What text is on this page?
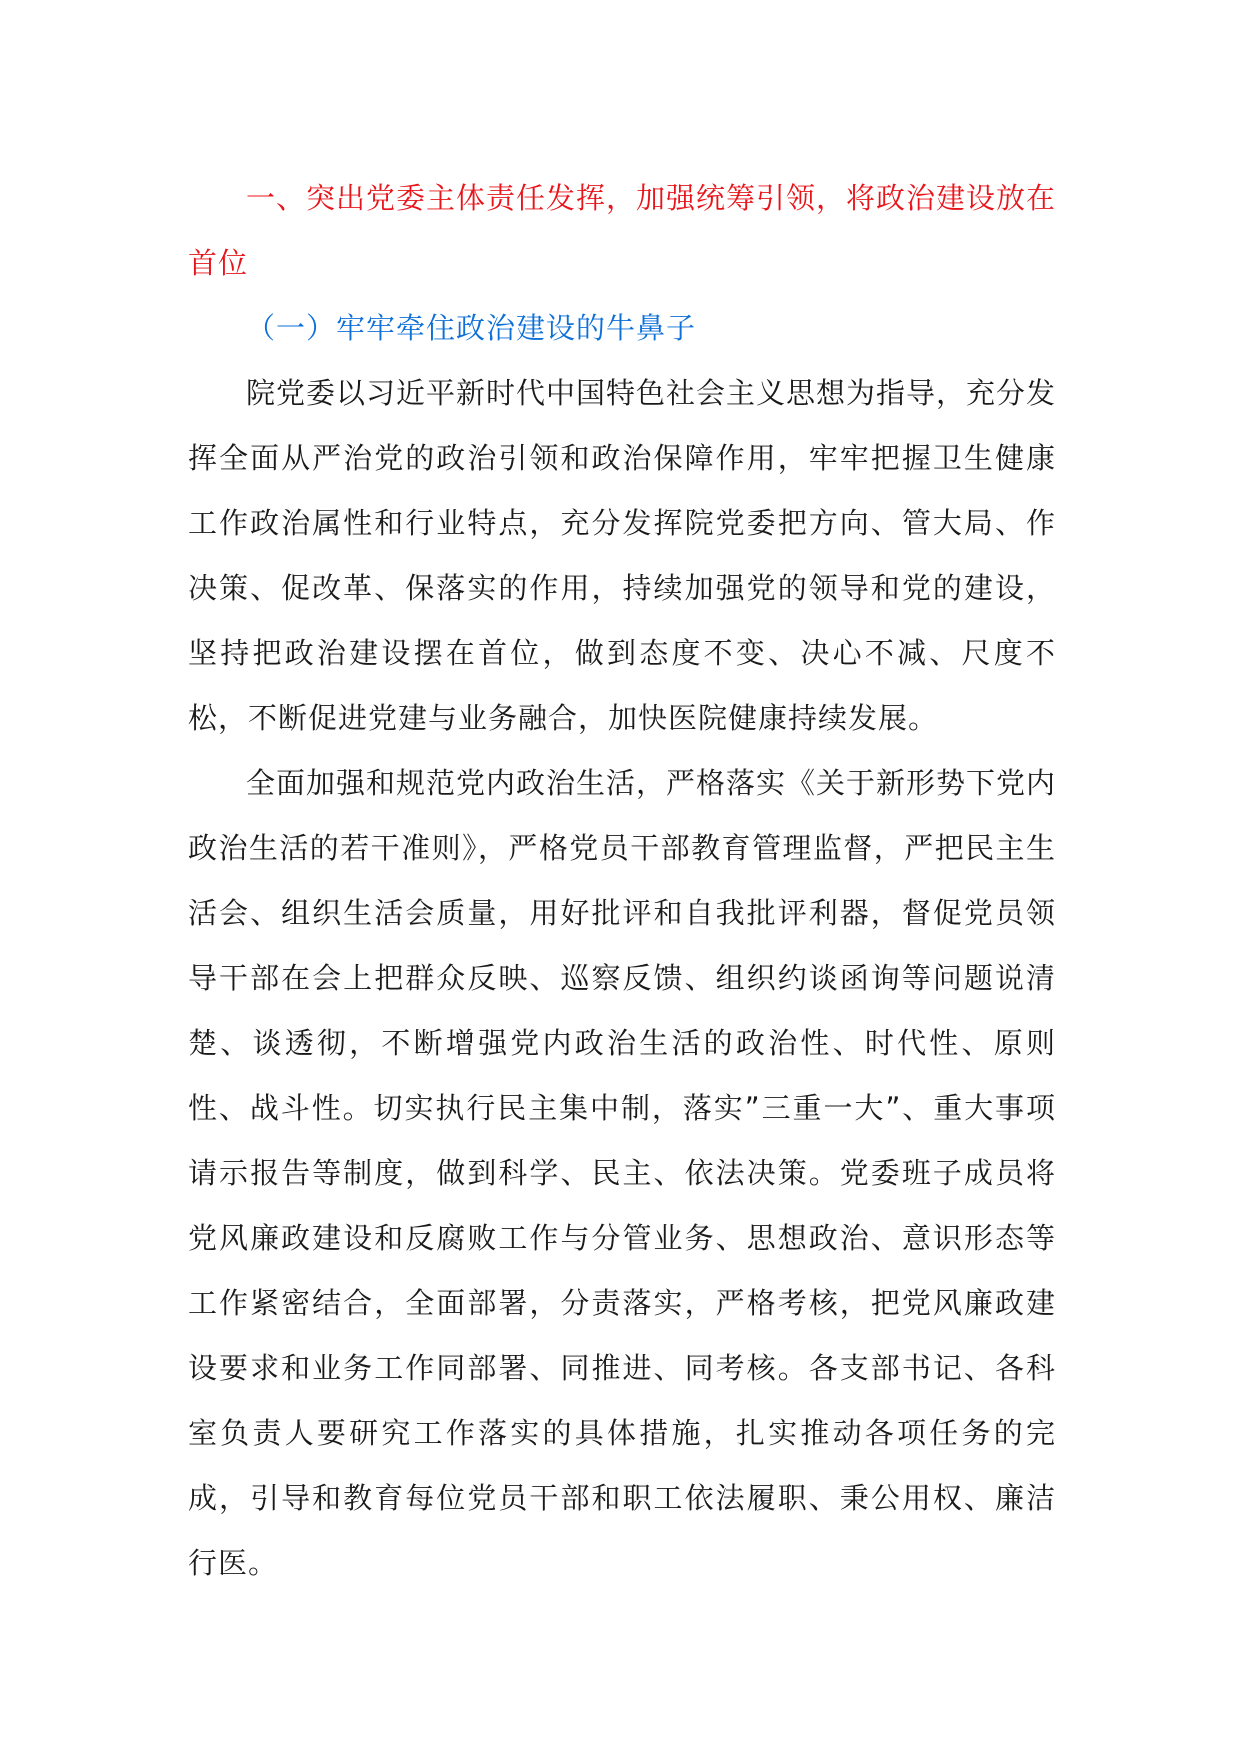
一、突出党委主体责任发挥，加强统筹引领，将政治建设放在首位

（一）牢牢牵住政治建设的牛鼻子

院党委以习近平新时代中国特色社会主义思想为指导，充分发挥全面从严治党的政治引领和政治保障作用，牢牢把握卫生健康工作政治属性和行业特点，充分发挥院党委把方向、管大局、作决策、促改革、保落实的作用，持续加强党的领导和党的建设，坚持把政治建设摆在首位，做到态度不变、决心不减、尺度不松，不断促进党建与业务融合，加快医院健康持续发展。

全面加强和规范党内政治生活，严格落实《关于新形势下党内政治生活的若干准则》，严格党员干部教育管理监督，严把民主生活会、组织生活会质量，用好批评和自我批评利器，督促党员领导干部在会上把群众反映、巡察反馈、组织约谈函询等问题说清楚、谈透彻，不断增强党内政治生活的政治性、时代性、原则性、战斗性。切实执行民主集中制，落实”三重一大”、重大事项请示报告等制度，做到科学、民主、依法决策。党委班子成员将党风廉政建设和反腐败工作与分管业务、思想政治、意识形态等工作紧密结合，全面部署，分责落实，严格考核，把党风廉政建设要求和业务工作同部署、同推进、同考核。各支部书记、各科室负责人要研究工作落实的具体措施，扎实推动各项任务的完成，引导和教育每位党员干部和职工依法履职、秉公用权、廉洁行医。
